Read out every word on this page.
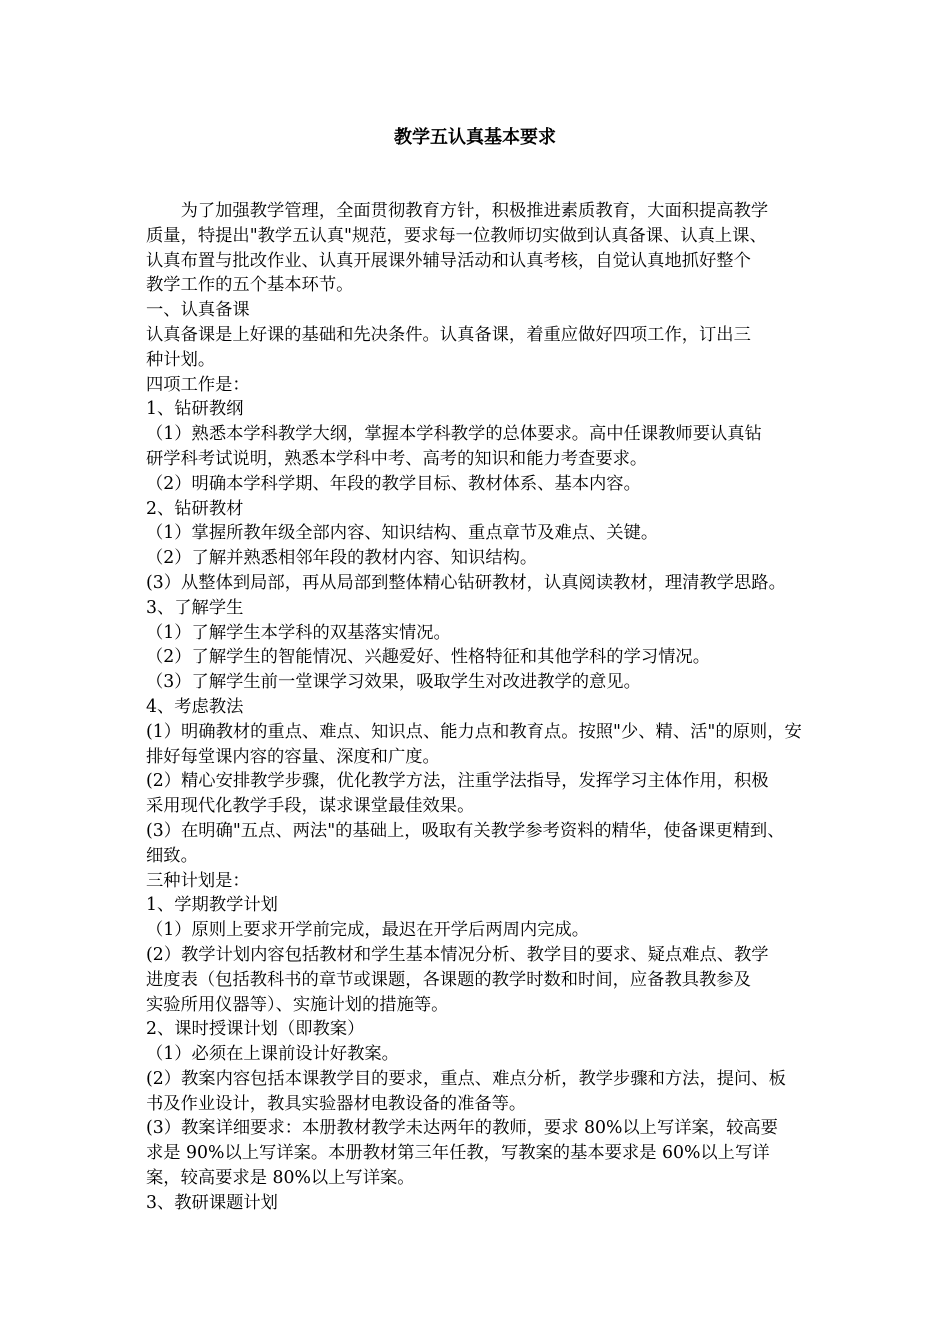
教学五认真基本要求

　　为了加强教学管理，全面贯彻教育方针，积极推进素质教育，大面积提高教学

质量，特提出"教学五认真"规范，要求每一位教师切实做到认真备课、认真上课、

认真布置与批改作业、认真开展课外辅导活动和认真考核，自觉认真地抓好整个

教学工作的五个基本环节。

一、认真备课

认真备课是上好课的基础和先决条件。认真备课，着重应做好四项工作，订出三

种计划。

四项工作是：

1、钻研教纲

（1）熟悉本学科教学大纲，掌握本学科教学的总体要求。高中任课教师要认真钻

研学科考试说明，熟悉本学科中考、高考的知识和能力考查要求。

（2）明确本学科学期、年段的教学目标、教材体系、基本内容。

2、钻研教材

（1）掌握所教年级全部内容、知识结构、重点章节及难点、关键。

（2）了解并熟悉相邻年段的教材内容、知识结构。

(3）从整体到局部，再从局部到整体精心钻研教材，认真阅读教材，理清教学思路。

3、了解学生

（1）了解学生本学科的双基落实情况。

（2）了解学生的智能情况、兴趣爱好、性格特征和其他学科的学习情况。

（3）了解学生前一堂课学习效果，吸取学生对改进教学的意见。

4、考虑教法

(1）明确教材的重点、难点、知识点、能力点和教育点。按照"少、精、活"的原则，安

排好每堂课内容的容量、深度和广度。

(2）精心安排教学步骤，优化教学方法，注重学法指导，发挥学习主体作用，积极

采用现代化教学手段，谋求课堂最佳效果。

(3）在明确"五点、两法"的基础上，吸取有关教学参考资料的精华，使备课更精到、

细致。

三种计划是：

1、学期教学计划

（1）原则上要求开学前完成，最迟在开学后两周内完成。

(2）教学计划内容包括教材和学生基本情况分析、教学目的要求、疑点难点、教学

进度表（包括教科书的章节或课题，各课题的教学时数和时间，应备教具教参及

实验所用仪器等）、实施计划的措施等。

2、课时授课计划（即教案）

（1）必须在上课前设计好教案。

(2）教案内容包括本课教学目的要求，重点、难点分析，教学步骤和方法，提问、板

书及作业设计，教具实验器材电教设备的准备等。

(3）教案详细要求：本册教材教学未达两年的教师，要求 80%以上写详案，较高要

求是 90%以上写详案。本册教材第三年任教，写教案的基本要求是 60%以上写详

案，较高要求是 80%以上写详案。

3、教研课题计划
